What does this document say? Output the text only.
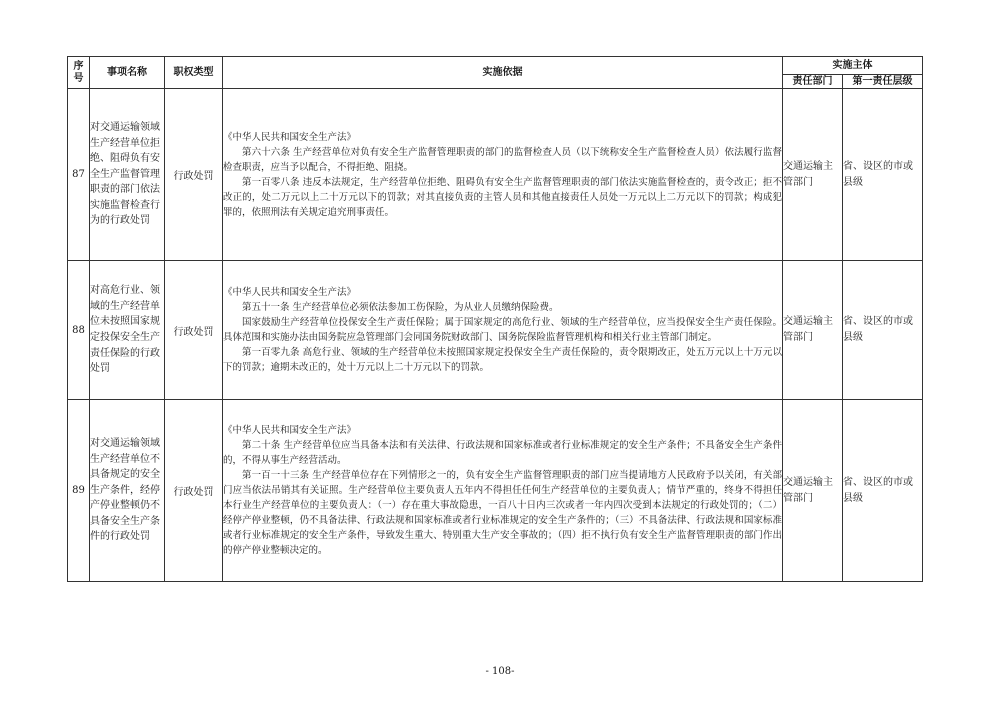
序号	事项名称	职权类型	实施依据	实施主体	
				责任部门	第一责任层级
87	对交通运输领域生产经营单位拒绝、阻碍负有安全生产监督管理职责的部门依法实施监督检查行为的行政处罚	行政处罚	《中华人民共和国安全生产法》

第六十六条 生产经营单位对负有安全生产监督管理职责的部门的监督检查人员（以下统称安全生产监督检查人员）依法履行监督检查职责，应当予以配合，不得拒绝、阻挠。

第一百零八条 违反本法规定，生产经营单位拒绝、阻碍负有安全生产监督管理职责的部门依法实施监督检查的，责令改正；拒不改正的，处二万元以上二十万元以下的罚款；对其直接负责的主管人员和其他直接责任人员处一万元以上二万元以下的罚款；构成犯罪的，依照刑法有关规定追究刑事责任。	交通运输主管部门	省、设区的市或县级
88	对高危行业、领域的生产经营单位未按照国家规定投保安全生产责任保险的行政处罚	行政处罚	《中华人民共和国安全生产法》

第五十一条 生产经营单位必须依法参加工伤保险，为从业人员缴纳保险费。

国家鼓励生产经营单位投保安全生产责任保险；属于国家规定的高危行业、领域的生产经营单位，应当投保安全生产责任保险。具体范围和实施办法由国务院应急管理部门会同国务院财政部门、国务院保险监督管理机构和相关行业主管部门制定。

第一百零九条 高危行业、领域的生产经营单位未按照国家规定投保安全生产责任保险的，责令限期改正，处五万元以上十万元以下的罚款；逾期未改正的，处十万元以上二十万元以下的罚款。	交通运输主管部门	省、设区的市或县级
89	对交通运输领域生产经营单位不具备规定的安全生产条件，经停产停业整顿仍不具备安全生产条件的行政处罚	行政处罚	《中华人民共和国安全生产法》

第二十条 生产经营单位应当具备本法和有关法律、行政法规和国家标准或者行业标准规定的安全生产条件；不具备安全生产条件的，不得从事生产经营活动。

第一百一十三条 生产经营单位存在下列情形之一的，负有安全生产监督管理职责的部门应当提请地方人民政府予以关闭，有关部门应当依法吊销其有关证照。生产经营单位主要负责人五年内不得担任任何生产经营单位的主要负责人；情节严重的，终身不得担任本行业生产经营单位的主要负责人：（一）存在重大事故隐患，一百八十日内三次或者一年内四次受到本法规定的行政处罚的；（二）经停产停业整顿，仍不具备法律、行政法规和国家标准或者行业标准规定的安全生产条件的；（三）不具备法律、行政法规和国家标准或者行业标准规定的安全生产条件，导致发生重大、特别重大生产安全事故的；（四）拒不执行负有安全生产监督管理职责的部门作出的停产停业整顿决定的。	交通运输主管部门	省、设区的市或县级
- 108-
